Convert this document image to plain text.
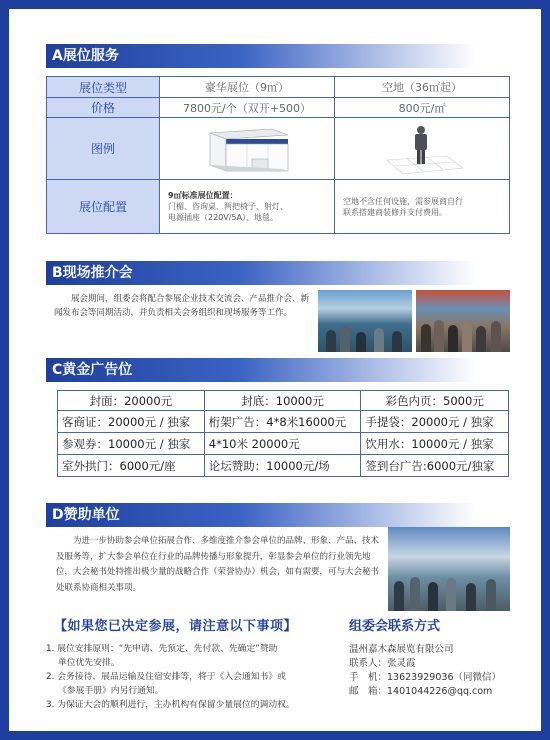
A展位服务
展位类型	豪华展位（9㎡）	空地（36㎡起）
价格	7800元/个（双开+500）	800元/㎡
图例		
展位配置	9㎡标准展位配置：
门楣、咨询桌、两把椅子、射灯、
电源插座（220V/5A）、地毯。	空地不含任何设施，需参展商自行
联系搭建商装修并支付费用。
B现场推介会
展会期间，组委会将配合参展企业技术交流会、产品推介会、新闻发布会等同期活动，并负责相关会务组织和现场服务等工作。
C黄金广告位
封面：20000元	封底：10000元	彩色内页：5000元
客商证：20000元 / 独家	桁架广告：4*8米16000元	手提袋：20000元 / 独家
参观券：10000元 / 独家	4*10米 20000元	饮用水：10000元 / 独家
室外拱门：6000元/座	论坛赞助：10000元/场	签到台广告:6000元/独家
D赞助单位
为进一步协助参会单位拓展合作、多维度推介参会单位的品牌、形象、产品、技术及服务等，扩大参会单位在行业的品牌传播与形象提升，彰显参会单位的行业领先地位，大会秘书处特推出极少量的战略合作（荣誉协办）机会，如有需要，可与大会秘书处联系协商相关事项。
【如果您已决定参展，请注意以下事项】	组委会联系方式
1. 展位安排原则：“先申请、先预定、先付款、先确定”赞助
单位优先安排。
2. 会务接待、展品运输及住宿安排等，将于《入会通知书》或
《参展手册》内另行通知。
3. 为保证大会的顺利进行，主办机构有保留少量展位的调动权。
温州嘉木森展览有限公司
联系人：张灵霞
手　机：13623929036（同微信）
邮　箱：1401044226@qq.com
